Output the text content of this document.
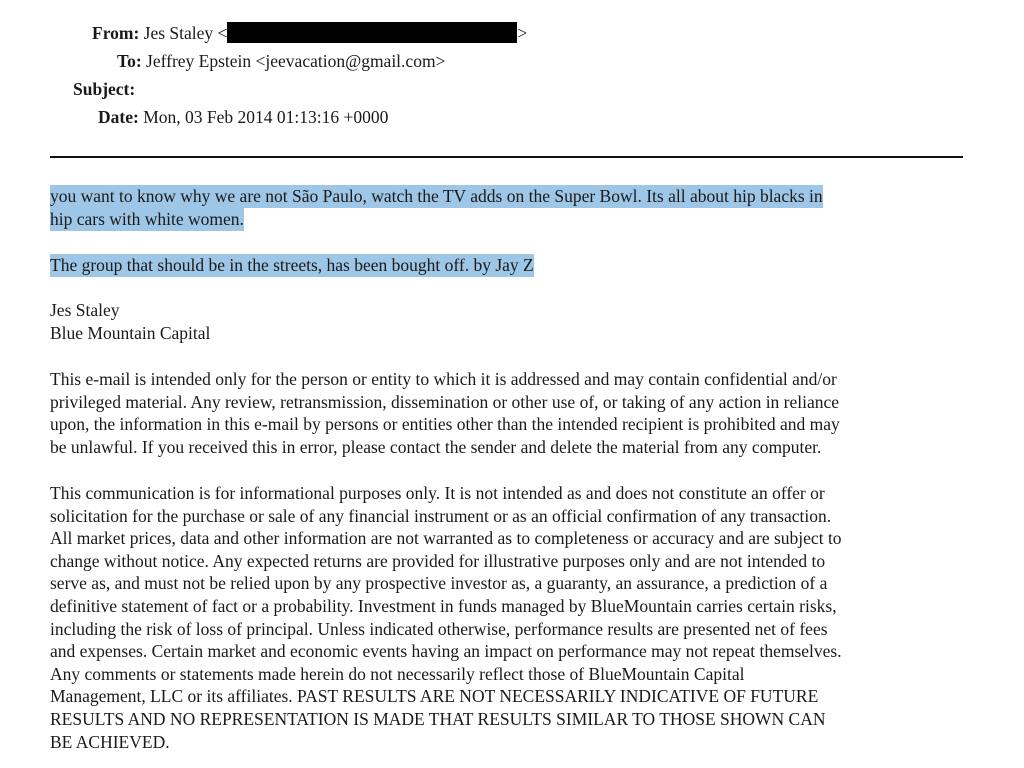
From: Jes Staley <	>
To: Jeffrey Epstein <jeevacation@gmail.com>
Subject:
Date: Mon, 03 Feb 2014 01:13:16 +0000
you want to know why we are not São Paulo, watch the TV adds on the Super Bowl. Its all about hip blacks in
hip cars with white women.
The group that should be in the streets, has been bought off. by Jay Z
Jes Staley
Blue Mountain Capital
This e-mail is intended only for the person or entity to which it is addressed and may contain confidential and/or
privileged material. Any review, retransmission, dissemination or other use of, or taking of any action in reliance
upon, the information in this e-mail by persons or entities other than the intended recipient is prohibited and may
be unlawful. If you received this in error, please contact the sender and delete the material from any computer.
This communication is for informational purposes only. It is not intended as and does not constitute an offer or
solicitation for the purchase or sale of any financial instrument or as an official confirmation of any transaction.
All market prices, data and other information are not warranted as to completeness or accuracy and are subject to
change without notice. Any expected returns are provided for illustrative purposes only and are not intended to
serve as, and must not be relied upon by any prospective investor as, a guaranty, an assurance, a prediction of a
definitive statement of fact or a probability. Investment in funds managed by BlueMountain carries certain risks,
including the risk of loss of principal. Unless indicated otherwise, performance results are presented net of fees
and expenses. Certain market and economic events having an impact on performance may not repeat themselves.
Any comments or statements made herein do not necessarily reflect those of BlueMountain Capital
Management, LLC or its affiliates. PAST RESULTS ARE NOT NECESSARILY INDICATIVE OF FUTURE
RESULTS AND NO REPRESENTATION IS MADE THAT RESULTS SIMILAR TO THOSE SHOWN CAN
BE ACHIEVED.
